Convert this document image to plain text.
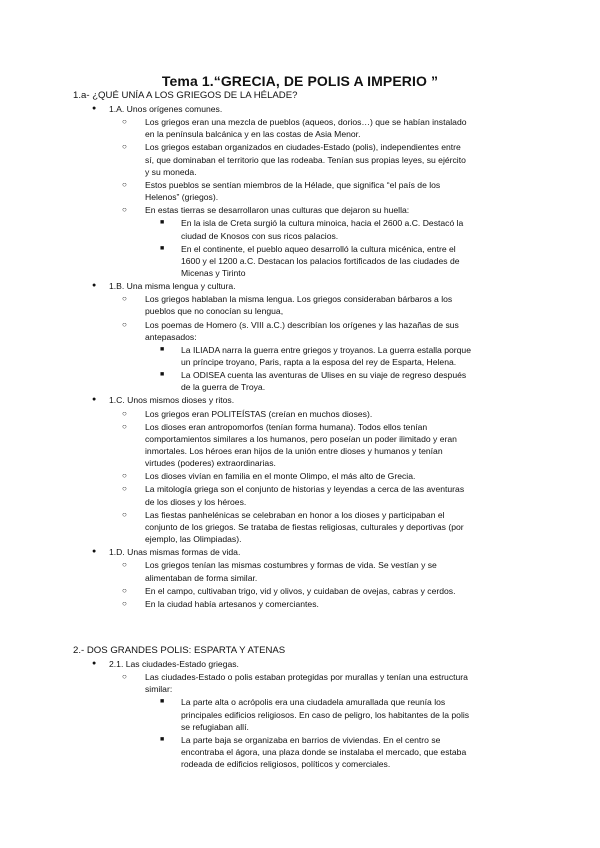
Tema 1.“GRECIA, DE POLIS A IMPERIO ”
1.a- ¿QUÉ UNÍA A LOS GRIEGOS DE LA HÉLADE?
● 1.A. Unos orígenes comunes.
○ Los griegos eran una mezcla de pueblos (aqueos, dorios…) que se habían instalado
en la península balcánica y en las costas de Asia Menor.
○ Los griegos estaban organizados en ciudades-Estado (polis), independientes entre
sí, que dominaban el territorio que las rodeaba. Tenían sus propias leyes, su ejército
y su moneda.
○ Estos pueblos se sentían miembros de la Hélade, que significa “el país de los
Helenos” (griegos).
○ En estas tierras se desarrollaron unas culturas que dejaron su huella:
■ En la isla de Creta surgió la cultura minoica, hacia el 2600 a.C. Destacó la
ciudad de Knosos con sus ricos palacios.
■ En el continente, el pueblo aqueo desarrolló la cultura micénica, entre el
1600 y el 1200 a.C. Destacan los palacios fortificados de las ciudades de
Micenas y Tirinto
● 1.B. Una misma lengua y cultura.
○ Los griegos hablaban la misma lengua. Los griegos consideraban bárbaros a los
pueblos que no conocían su lengua,
○ Los poemas de Homero (s. VIII a.C.) describían los orígenes y las hazañas de sus
antepasados:
■ La ILIADA narra la guerra entre griegos y troyanos. La guerra estalla porque
un príncipe troyano, Paris, rapta a la esposa del rey de Esparta, Helena.
■ La ODISEA cuenta las aventuras de Ulises en su viaje de regreso después
de la guerra de Troya.
● 1.C. Unos mismos dioses y ritos.
○ Los griegos eran POLITEÍSTAS (creían en muchos dioses).
○ Los dioses eran antropomorfos (tenían forma humana). Todos ellos tenían
comportamientos similares a los humanos, pero poseían un poder ilimitado y eran
inmortales. Los héroes eran hijos de la unión entre dioses y humanos y tenían
virtudes (poderes) extraordinarias.
○ Los dioses vivían en familia en el monte Olimpo, el más alto de Grecia.
○ La mitología griega son el conjunto de historias y leyendas a cerca de las aventuras
de los dioses y los héroes.
○ Las fiestas panhelénicas se celebraban en honor a los dioses y participaban el
conjunto de los griegos. Se trataba de fiestas religiosas, culturales y deportivas (por
ejemplo, las Olimpiadas).
● 1.D. Unas mismas formas de vida.
○ Los griegos tenían las mismas costumbres y formas de vida. Se vestían y se
alimentaban de forma similar.
○ En el campo, cultivaban trigo, vid y olivos, y cuidaban de ovejas, cabras y cerdos.
○ En la ciudad había artesanos y comerciantes.
2.- DOS GRANDES POLIS: ESPARTA Y ATENAS
● 2.1. Las ciudades-Estado griegas.
○ Las ciudades-Estado o polis estaban protegidas por murallas y tenían una estructura
similar:
■ La parte alta o acrópolis era una ciudadela amurallada que reunía los
principales edificios religiosos. En caso de peligro, los habitantes de la polis
se refugiaban allí.
■ La parte baja se organizaba en barrios de viviendas. En el centro se
encontraba el ágora, una plaza donde se instalaba el mercado, que estaba
rodeada de edificios religiosos, políticos y comerciales.
